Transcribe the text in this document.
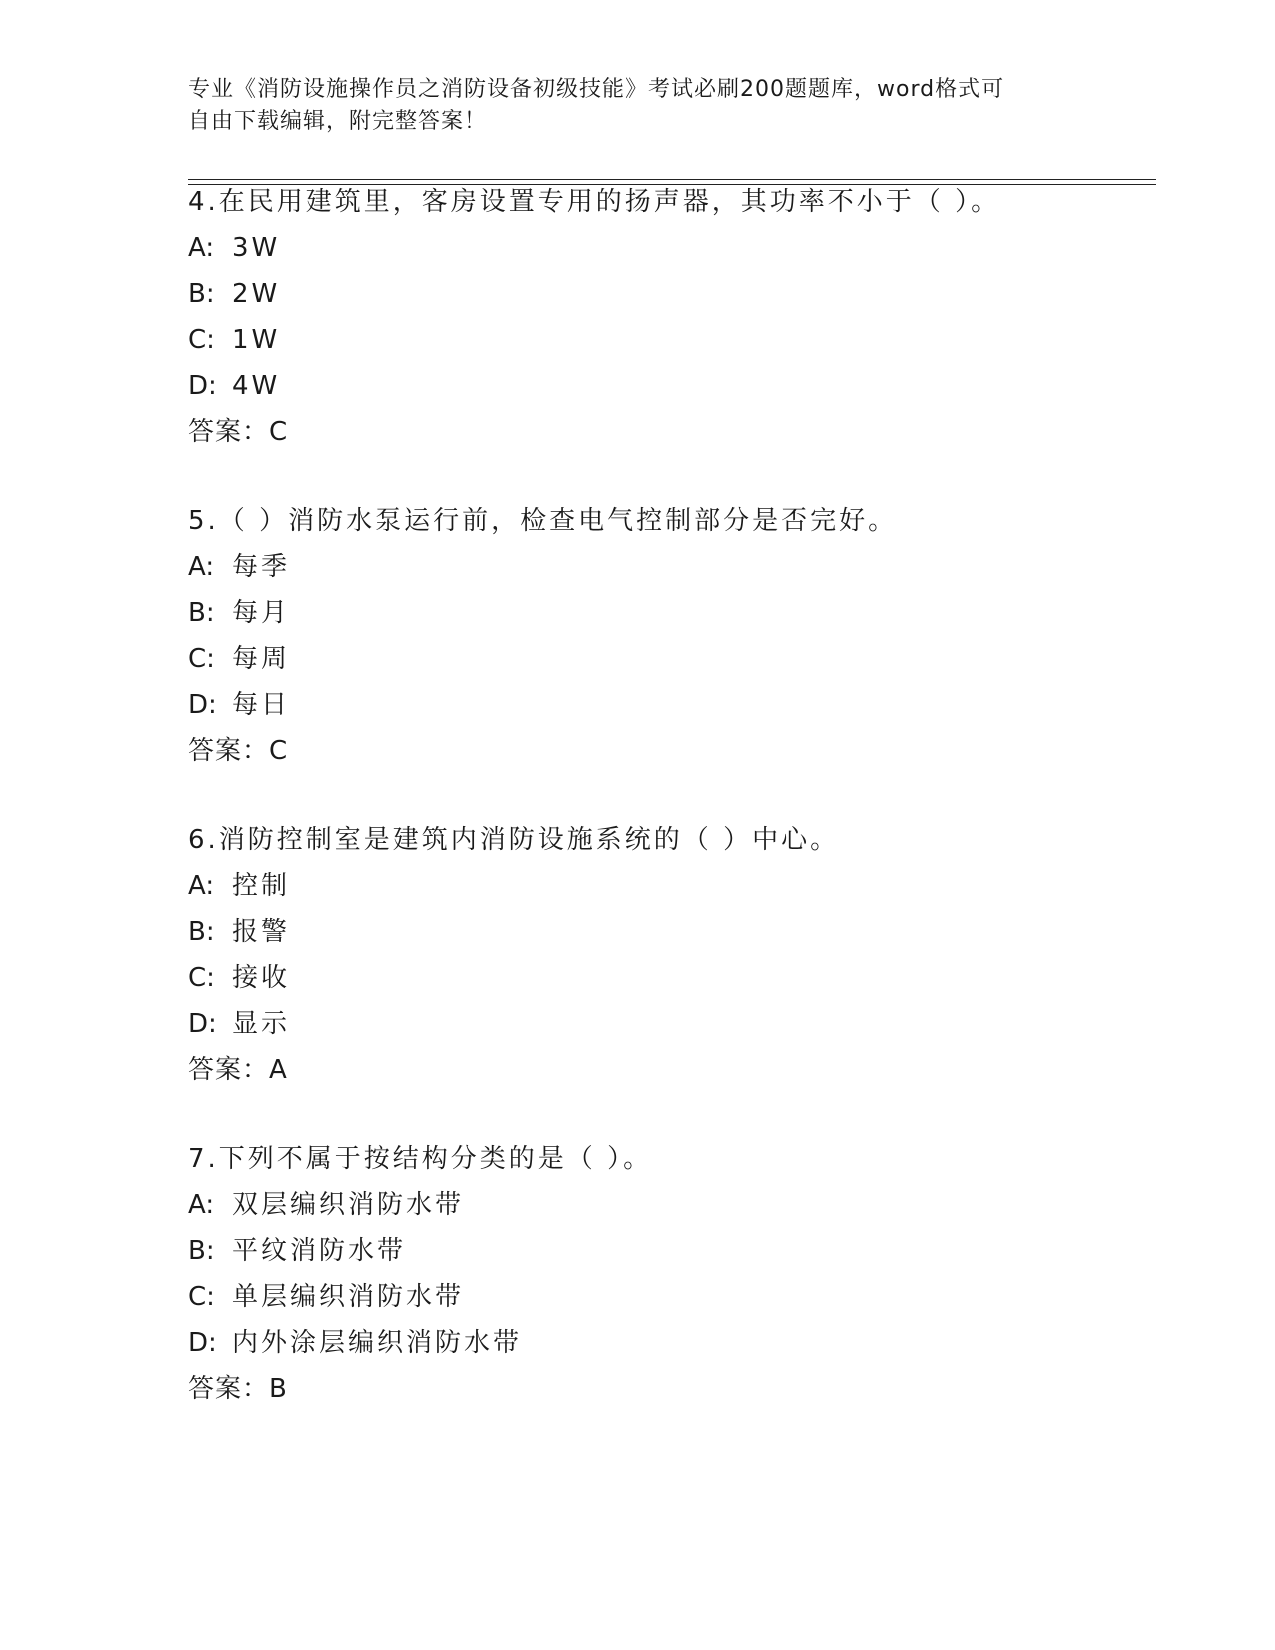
专业《消防设施操作员之消防设备初级技能》考试必刷200题题库，word格式可
自由下载编辑，附完整答案！
4.在民用建筑里，客房设置专用的扬声器，其功率不小于（ ）。
A: 3W
B: 2W
C: 1W
D: 4W
答案：C
5.（ ）消防水泵运行前，检查电气控制部分是否完好。
A: 每季
B: 每月
C: 每周
D: 每日
答案：C
6.消防控制室是建筑内消防设施系统的（ ）中心。
A: 控制
B: 报警
C: 接收
D: 显示
答案：A
7.下列不属于按结构分类的是（ ）。
A: 双层编织消防水带
B: 平纹消防水带
C: 单层编织消防水带
D: 内外涂层编织消防水带
答案：B
